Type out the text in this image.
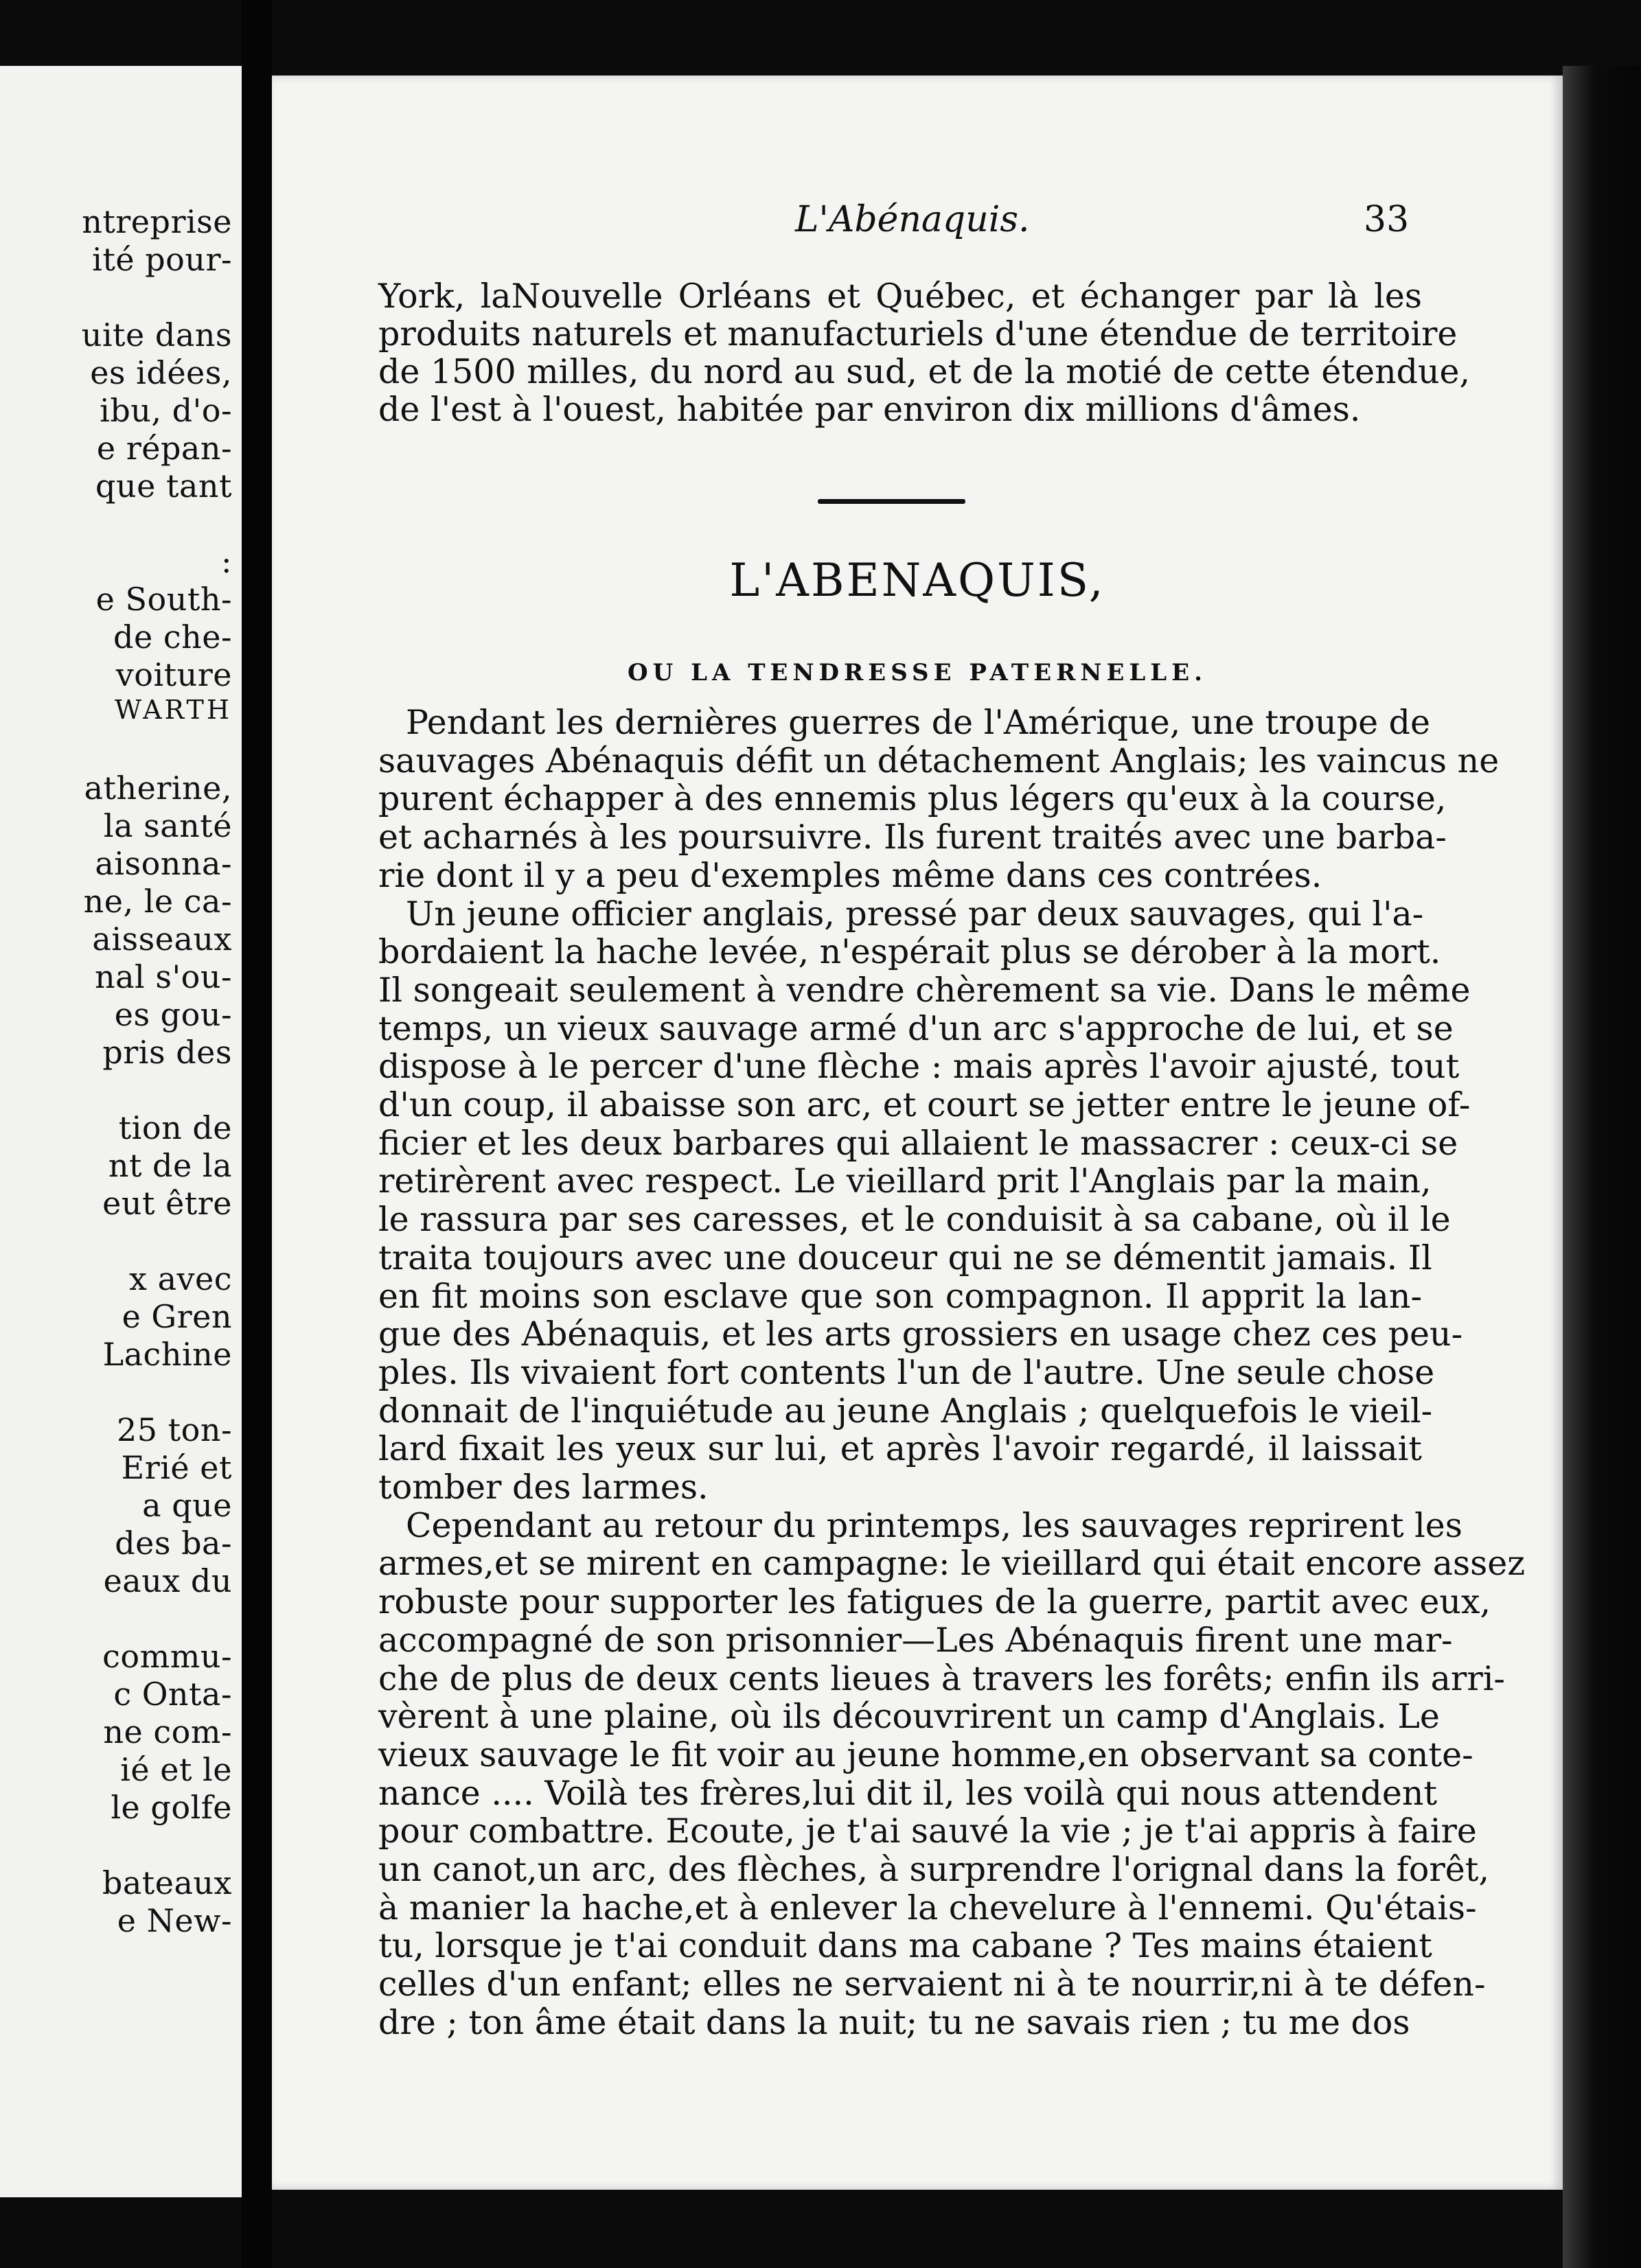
ntreprise
ité pour-
uite dans
es idées,
ibu, d'o-
e répan-
que tant
:
e South-
de che-
voiture
WARTH
atherine,
la santé
aisonna-
ne, le ca-
aisseaux
nal s'ou-
es gou-
pris des
tion de
nt de la
eut être
x avec
e Gren
Lachine
25 ton-
Erié et
a que
des ba-
eaux du
commu-
c Onta-
ne com-
ié et le
le golfe
bateaux
e New-
L'Abénaquis.	33
York, laNouvelle Orléans et Québec, et échanger par là les
produits naturels et manufacturiels d'une étendue de territoire
de 1500 milles, du nord au sud, et de la motié de cette étendue,
de l'est à l'ouest, habitée par environ dix millions d'âmes.
L'ABENAQUIS,
OU LA TENDRESSE PATERNELLE.
Pendant les dernières guerres de l'Amérique, une troupe de
sauvages Abénaquis défit un détachement Anglais; les vaincus ne
purent échapper à des ennemis plus légers qu'eux à la course,
et acharnés à les poursuivre. Ils furent traités avec une barba-
rie dont il y a peu d'exemples même dans ces contrées.
Un jeune officier anglais, pressé par deux sauvages, qui l'a-
bordaient la hache levée, n'espérait plus se dérober à la mort.
Il songeait seulement à vendre chèrement sa vie. Dans le même
temps, un vieux sauvage armé d'un arc s'approche de lui, et se
dispose à le percer d'une flèche : mais après l'avoir ajusté, tout
d'un coup, il abaisse son arc, et court se jetter entre le jeune of-
ficier et les deux barbares qui allaient le massacrer : ceux-ci se
retirèrent avec respect. Le vieillard prit l'Anglais par la main,
le rassura par ses caresses, et le conduisit à sa cabane, où il le
traita toujours avec une douceur qui ne se démentit jamais. Il
en fit moins son esclave que son compagnon. Il apprit la lan-
gue des Abénaquis, et les arts grossiers en usage chez ces peu-
ples. Ils vivaient fort contents l'un de l'autre. Une seule chose
donnait de l'inquiétude au jeune Anglais ; quelquefois le vieil-
lard fixait les yeux sur lui, et après l'avoir regardé, il laissait
tomber des larmes.
Cependant au retour du printemps, les sauvages reprirent les
armes,et se mirent en campagne: le vieillard qui était encore assez
robuste pour supporter les fatigues de la guerre, partit avec eux,
accompagné de son prisonnier—Les Abénaquis firent une mar-
che de plus de deux cents lieues à travers les forêts; enfin ils arri-
vèrent à une plaine, où ils découvrirent un camp d'Anglais. Le
vieux sauvage le fit voir au jeune homme,en observant sa conte-
nance .... Voilà tes frères,lui dit il, les voilà qui nous attendent
pour combattre. Ecoute, je t'ai sauvé la vie ; je t'ai appris à faire
un canot,un arc, des flèches, à surprendre l'orignal dans la forêt,
à manier la hache,et à enlever la chevelure à l'ennemi. Qu'étais-
tu, lorsque je t'ai conduit dans ma cabane ? Tes mains étaient
celles d'un enfant; elles ne servaient ni à te nourrir,ni à te défen-
dre ; ton âme était dans la nuit; tu ne savais rien ; tu me dos
